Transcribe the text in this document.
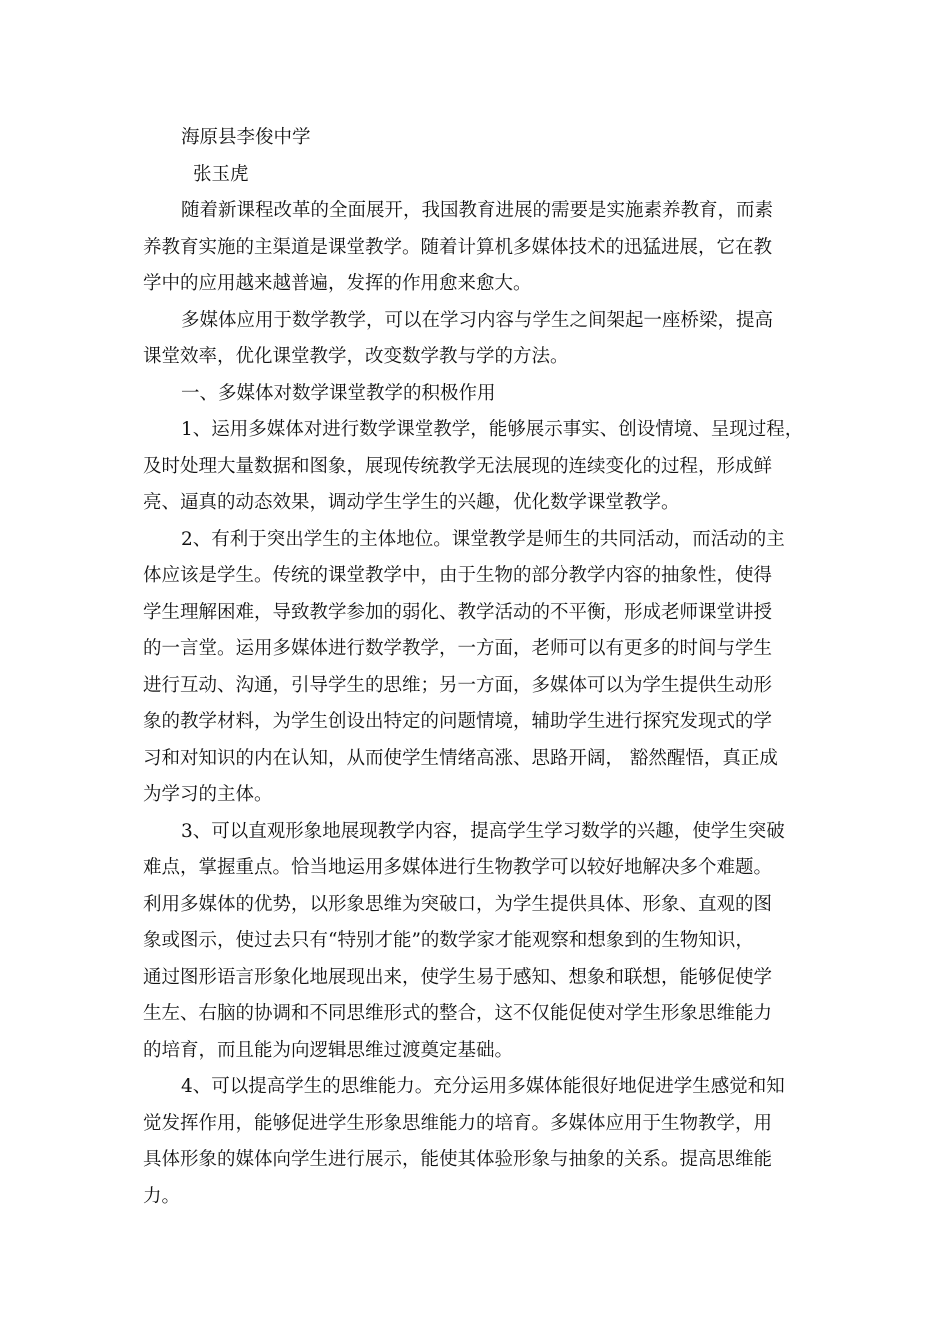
海原县李俊中学
张玉虎
随着新课程改革的全面展开，我国教育进展的需要是实施素养教育，而素
养教育实施的主渠道是课堂教学。随着计算机多媒体技术的迅猛进展，它在教
学中的应用越来越普遍，发挥的作用愈来愈大。
多媒体应用于数学教学，可以在学习内容与学生之间架起一座桥梁，提高
课堂效率，优化课堂教学，改变数学教与学的方法。
一、多媒体对数学课堂教学的积极作用
1、运用多媒体对进行数学课堂教学，能够展示事实、创设情境、呈现过程，
及时处理大量数据和图象，展现传统教学无法展现的连续变化的过程，形成鲜
亮、逼真的动态效果，调动学生学生的兴趣，优化数学课堂教学。
2、有利于突出学生的主体地位。课堂教学是师生的共同活动，而活动的主
体应该是学生。传统的课堂教学中，由于生物的部分教学内容的抽象性，使得
学生理解困难，导致教学参加的弱化、教学活动的不平衡，形成老师课堂讲授
的一言堂。运用多媒体进行数学教学，一方面，老师可以有更多的时间与学生
进行互动、沟通，引导学生的思维；另一方面，多媒体可以为学生提供生动形
象的教学材料，为学生创设出特定的问题情境，辅助学生进行探究发现式的学
习和对知识的内在认知，从而使学生情绪高涨、思路开阔， 豁然醒悟，真正成
为学习的主体。
3、可以直观形象地展现教学内容，提高学生学习数学的兴趣，使学生突破
难点，掌握重点。恰当地运用多媒体进行生物教学可以较好地解决多个难题。
利用多媒体的优势，以形象思维为突破口，为学生提供具体、形象、直观的图
象或图示，使过去只有“特别才能”的数学家才能观察和想象到的生物知识，
通过图形语言形象化地展现出来，使学生易于感知、想象和联想，能够促使学
生左、右脑的协调和不同思维形式的整合，这不仅能促使对学生形象思维能力
的培育，而且能为向逻辑思维过渡奠定基础。
4、可以提高学生的思维能力。充分运用多媒体能很好地促进学生感觉和知
觉发挥作用，能够促进学生形象思维能力的培育。多媒体应用于生物教学，用
具体形象的媒体向学生进行展示，能使其体验形象与抽象的关系。提高思维能
力。
